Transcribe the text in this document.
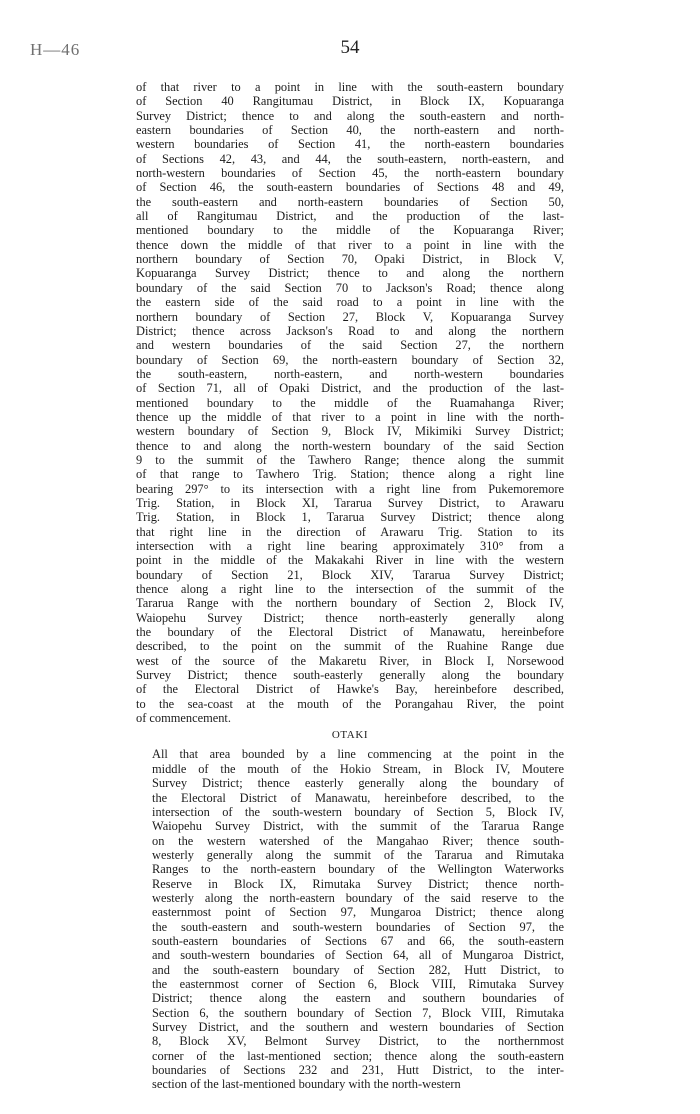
H—46	54

of that river to a point in line with the south-eastern boundary
of Section 40 Rangitumau District, in Block IX, Kopuaranga
Survey District; thence to and along the south-eastern and north-
eastern boundaries of Section 40, the north-eastern and north-
western boundaries of Section 41, the north-eastern boundaries
of Sections 42, 43, and 44, the south-eastern, north-eastern, and
north-western boundaries of Section 45, the north-eastern boundary
of Section 46, the south-eastern boundaries of Sections 48 and 49,
the south-eastern and north-eastern boundaries of Section 50,
all of Rangitumau District, and the production of the last-
mentioned boundary to the middle of the Kopuaranga River;
thence down the middle of that river to a point in line with the
northern boundary of Section 70, Opaki District, in Block V,
Kopuaranga Survey District; thence to and along the northern
boundary of the said Section 70 to Jackson's Road; thence along
the eastern side of the said road to a point in line with the
northern boundary of Section 27, Block V, Kopuaranga Survey
District; thence across Jackson's Road to and along the northern
and western boundaries of the said Section 27, the northern
boundary of Section 69, the north-eastern boundary of Section 32,
the south-eastern, north-eastern, and north-western boundaries
of Section 71, all of Opaki District, and the production of the last-
mentioned boundary to the middle of the Ruamahanga River;
thence up the middle of that river to a point in line with the north-
western boundary of Section 9, Block IV, Mikimiki Survey District;
thence to and along the north-western boundary of the said Section
9 to the summit of the Tawhero Range; thence along the summit
of that range to Tawhero Trig. Station; thence along a right line
bearing 297° to its intersection with a right line from Pukemoremore
Trig. Station, in Block XI, Tararua Survey District, to Arawaru
Trig. Station, in Block 1, Tararua Survey District; thence along
that right line in the direction of Arawaru Trig. Station to its
intersection with a right line bearing approximately 310° from a
point in the middle of the Makakahi River in line with the western
boundary of Section 21, Block XIV, Tararua Survey District;
thence along a right line to the intersection of the summit of the
Tararua Range with the northern boundary of Section 2, Block IV,
Waiopehu Survey District; thence north-easterly generally along
the boundary of the Electoral District of Manawatu, hereinbefore
described, to the point on the summit of the Ruahine Range due
west of the source of the Makaretu River, in Block I, Norsewood
Survey District; thence south-easterly generally along the boundary
of the Electoral District of Hawke's Bay, hereinbefore described,
to the sea-coast at the mouth of the Porangahau River, the point
of commencement.

OTAKI

All that area bounded by a line commencing at the point in the
middle of the mouth of the Hokio Stream, in Block IV, Moutere
Survey District; thence easterly generally along the boundary of
the Electoral District of Manawatu, hereinbefore described, to the
intersection of the south-western boundary of Section 5, Block IV,
Waiopehu Survey District, with the summit of the Tararua Range
on the western watershed of the Mangahao River; thence south-
westerly generally along the summit of the Tararua and Rimutaka
Ranges to the north-eastern boundary of the Wellington Waterworks
Reserve in Block IX, Rimutaka Survey District; thence north-
westerly along the north-eastern boundary of the said reserve to the
easternmost point of Section 97, Mungaroa District; thence along
the south-eastern and south-western boundaries of Section 97, the
south-eastern boundaries of Sections 67 and 66, the south-eastern
and south-western boundaries of Section 64, all of Mungaroa District,
and the south-eastern boundary of Section 282, Hutt District, to
the easternmost corner of Section 6, Block VIII, Rimutaka Survey
District; thence along the eastern and southern boundaries of
Section 6, the southern boundary of Section 7, Block VIII, Rimutaka
Survey District, and the southern and western boundaries of Section
8, Block XV, Belmont Survey District, to the northernmost
corner of the last-mentioned section; thence along the south-eastern
boundaries of Sections 232 and 231, Hutt District, to the inter-
section of the last-mentioned boundary with the north-western
